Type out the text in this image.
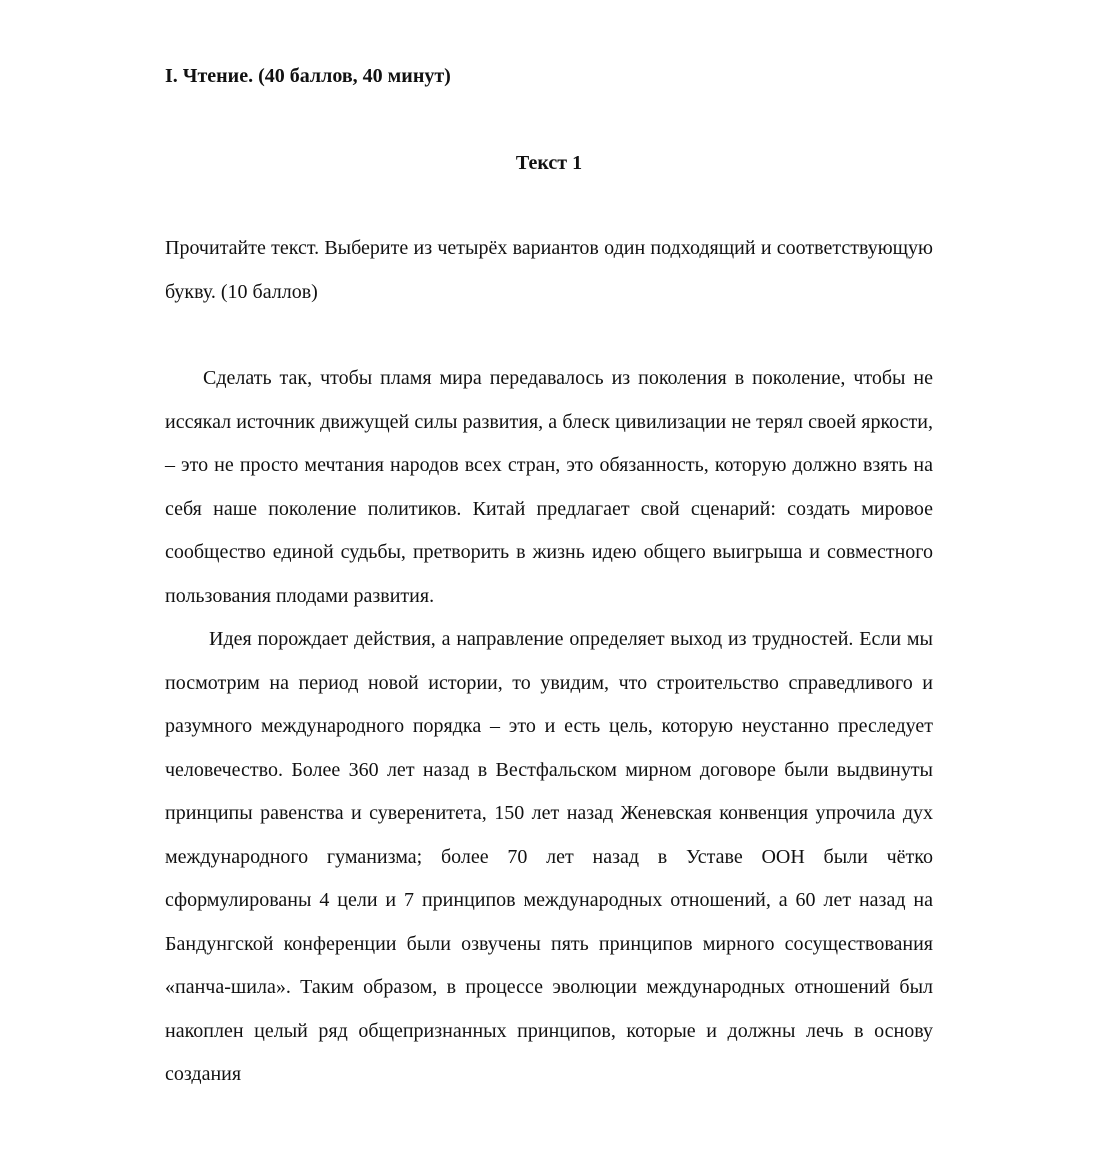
I. Чтение. (40 баллов, 40 минут)
Текст 1

Прочитайте текст. Выберите из четырёх вариантов один подходящий и соответствующую букву. (10 баллов)

Сделать так, чтобы пламя мира передавалось из поколения в поколение, чтобы не иссякал источник движущей силы развития, а блеск цивилизации не терял своей яркости, – это не просто мечтания народов всех стран, это обязанность, которую должно взять на себя наше поколение политиков. Китай предлагает свой сценарий: создать мировое сообщество единой судьбы, претворить в жизнь идею общего выигрыша и совместного пользования плодами развития.

Идея порождает действия, а направление определяет выход из трудностей. Если мы посмотрим на период новой истории, то увидим, что строительство справедливого и разумного международного порядка – это и есть цель, которую неустанно преследует человечество. Более 360 лет назад в Вестфальском мирном договоре были выдвинуты принципы равенства и суверенитета, 150 лет назад Женевская конвенция упрочила дух международного гуманизма; более 70 лет назад в Уставе ООН были чётко сформулированы 4 цели и 7 принципов международных отношений, а 60 лет назад на Бандунгской конференции были озвучены пять принципов мирного сосуществования «панча-шила». Таким образом, в процессе эволюции международных отношений был накоплен целый ряд общепризнанных принципов, которые и должны лечь в основу создания
